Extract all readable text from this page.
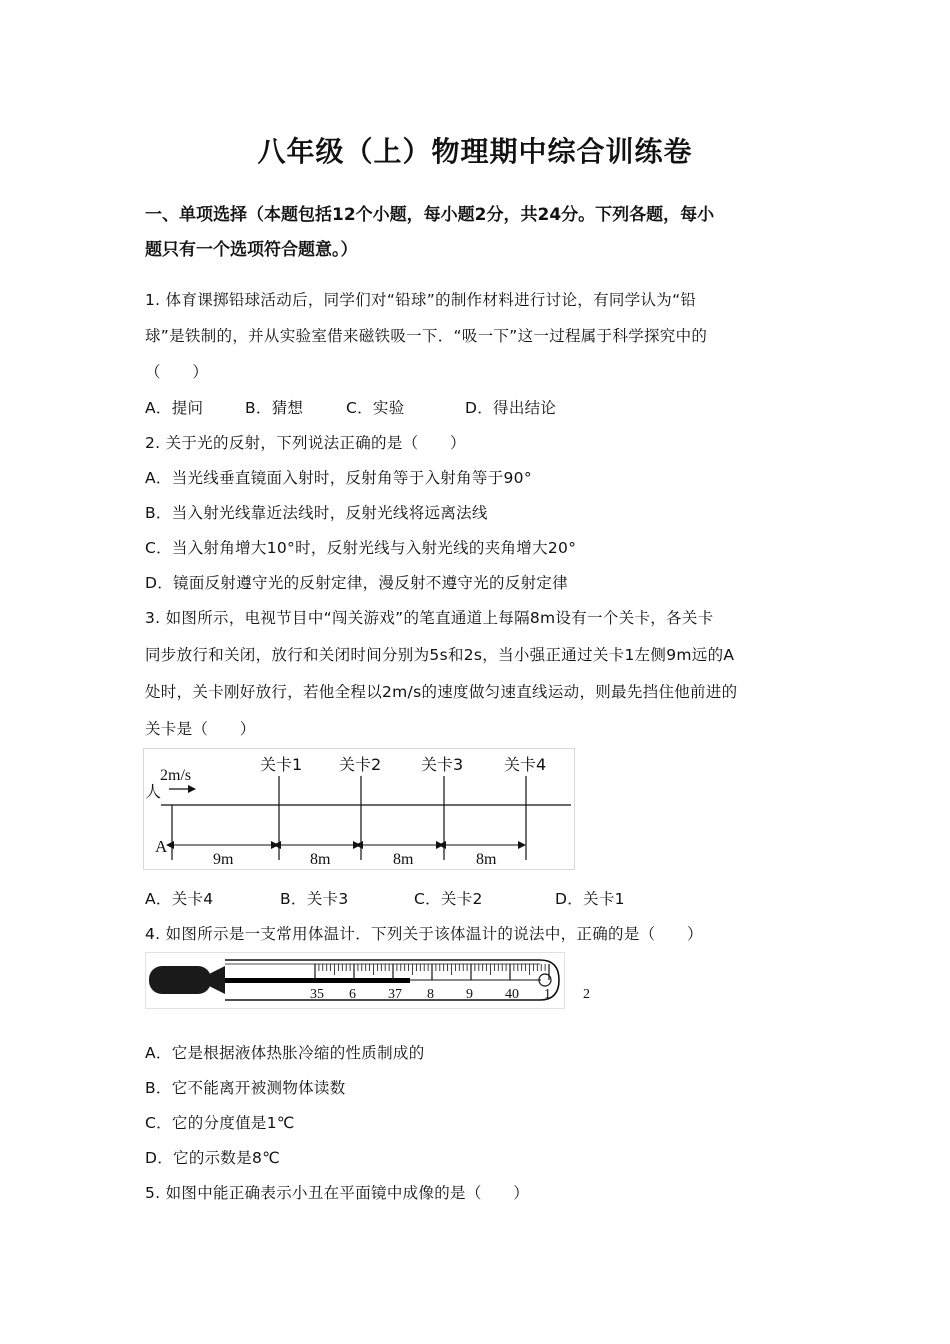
八年级（上）物理期中综合训练卷
一、单项选择（本题包括12个小题，每小题2分，共24分。下列各题，每小
题只有一个选项符合题意。）
1. 体育课掷铅球活动后，同学们对“铅球”的制作材料进行讨论，有同学认为“铅
球”是铁制的，并从实验室借来磁铁吸一下．“吸一下”这一过程属于科学探究中的
（　　）
A．提问	B．猜想	C．实验	D．得出结论
2. 关于光的反射，下列说法正确的是（　　）
A．当光线垂直镜面入射时，反射角等于入射角等于90°
B．当入射光线靠近法线时，反射光线将远离法线
C．当入射角增大10°时，反射光线与入射光线的夹角增大20°
D．镜面反射遵守光的反射定律，漫反射不遵守光的反射定律
3. 如图所示，电视节目中“闯关游戏”的笔直通道上每隔8m设有一个关卡，各关卡
同步放行和关闭，放行和关闭时间分别为5s和2s，当小强正通过关卡1左侧9m远的A
处时，关卡刚好放行，若他全程以2m/s的速度做匀速直线运动，则最先挡住他前进的
关卡是（　　）
2m/s
人
A
关卡1 关卡2 关卡3	关卡4
9m	8m	8m	8m
A．关卡4	B．关卡3	C．关卡2	D．关卡1
4. 如图所示是一支常用体温计．下列关于该体温计的说法中，正确的是（　　）
35 6 37 8 9 40 1 2
A．它是根据液体热胀冷缩的性质制成的
B．它不能离开被测物体读数
C．它的分度值是1℃
D．它的示数是8℃
5. 如图中能正确表示小丑在平面镜中成像的是（　　）
